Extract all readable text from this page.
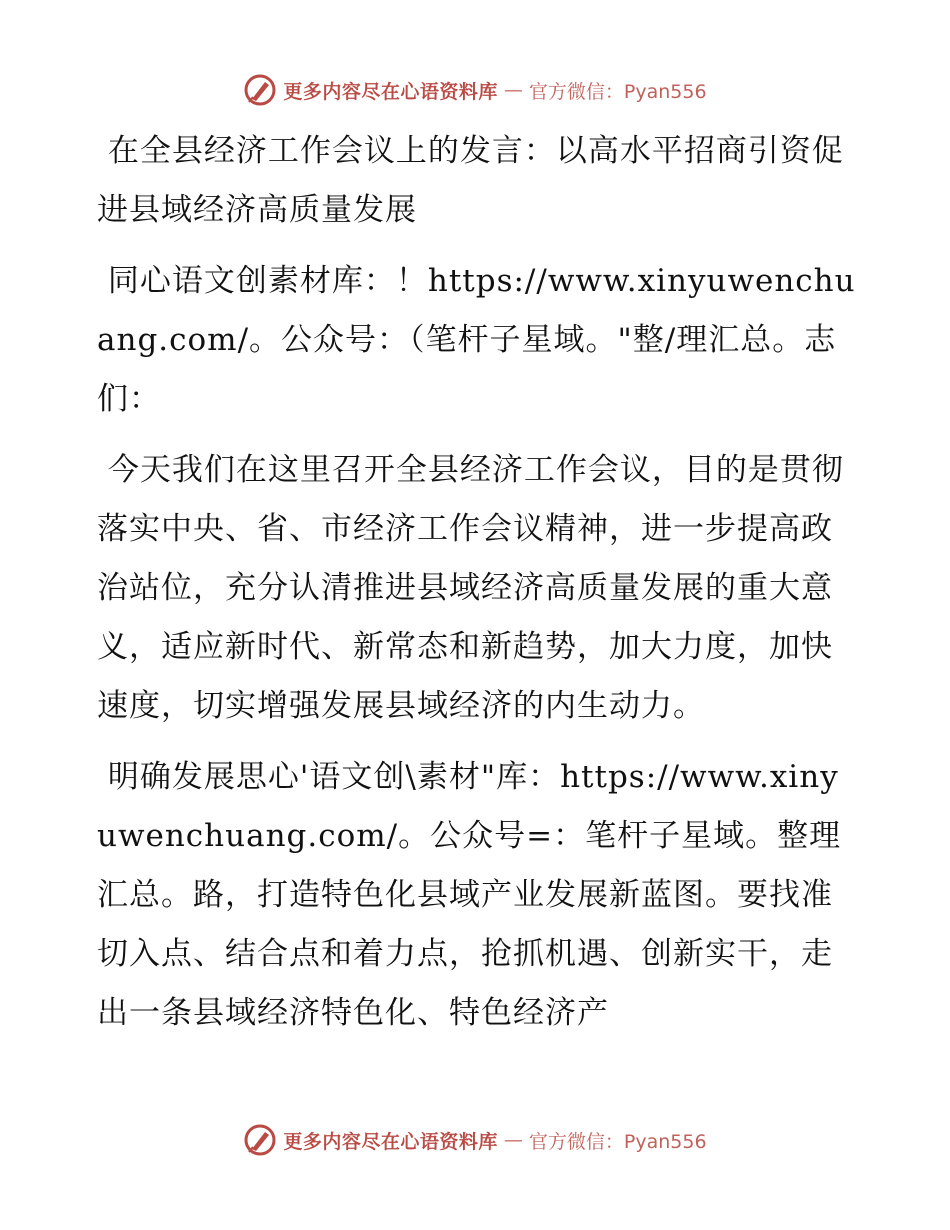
更多内容尽在心语资料库 — 官方微信：Pyan556

在全县经济工作会议上的发言：以高水平招商引资促进县域经济高质量发展

同心语文创素材库：！https://www.xinyuwenchuang.com/。公众号：（笔杆子星域。"整/理汇总。志们：

今天我们在这里召开全县经济工作会议，目的是贯彻落实中央、省、市经济工作会议精神，进一步提高政治站位，充分认清推进县域经济高质量发展的重大意义，适应新时代、新常态和新趋势，加大力度，加快速度，切实增强发展县域经济的内生动力。

明确发展思心'语文创\素材"库：https://www.xinyuwenchuang.com/。公众号=：笔杆子星域。整理汇总。路，打造特色化县域产业发展新蓝图。要找准切入点、结合点和着力点，抢抓机遇、创新实干，走出一条县域经济特色化、特色经济产

更多内容尽在心语资料库 — 官方微信：Pyan556
